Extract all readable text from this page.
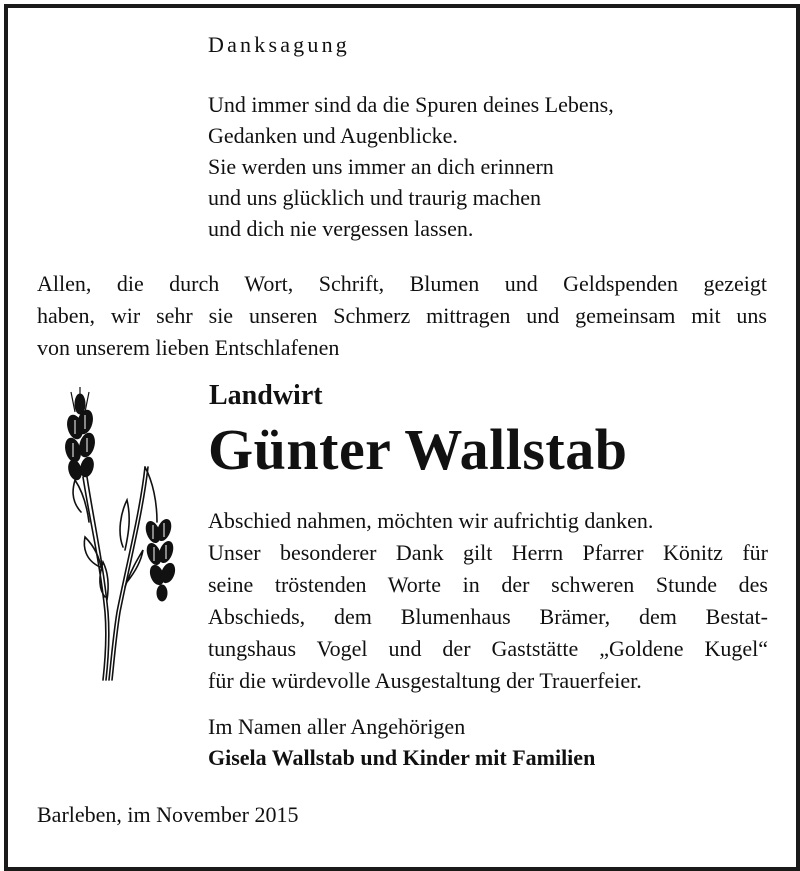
Danksagung
Und immer sind da die Spuren deines Lebens,
Gedanken und Augenblicke.
Sie werden uns immer an dich erinnern
und uns glücklich und traurig machen
und dich nie vergessen lassen.
Allen, die durch Wort, Schrift, Blumen und Geldspenden gezeigt
haben, wir sehr sie unseren Schmerz mittragen und gemeinsam mit uns
von unserem lieben Entschlafenen
Landwirt
Günter Wallstab
Abschied nahmen, möchten wir aufrichtig danken.
Unser besonderer Dank gilt Herrn Pfarrer Könitz für
seine tröstenden Worte in der schweren Stunde des
Abschieds, dem Blumenhaus Brämer, dem Bestat-
tungshaus Vogel und der Gaststätte „Goldene Kugel“
für die würdevolle Ausgestaltung der Trauerfeier.
Im Namen aller Angehörigen
Gisela Wallstab und Kinder mit Familien
Barleben, im November 2015
